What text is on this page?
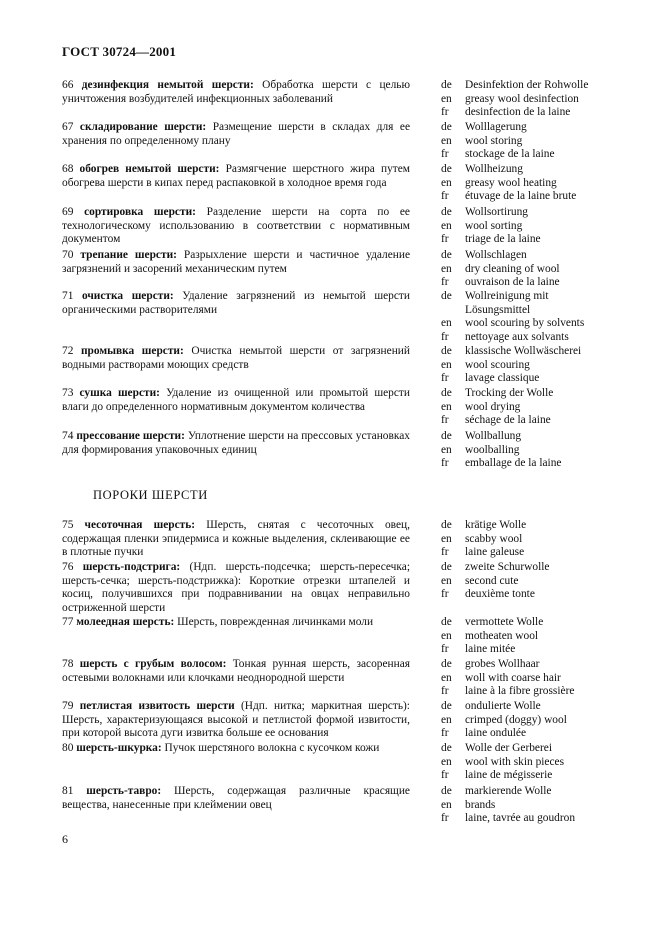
ГОСТ 30724—2001
ПОРОКИ ШЕРСТИ
6
66 дезинфекция немытой шерсти: Обработка шерсти с целью уничтожения возбудителей инфекционных заболеваний
de	Desinfektion der Rohwolle
en	greasy wool desinfection
fr	desinfection de la laine
67 складирование шерсти: Размещение шерсти в складах для ее хранения по определенному плану
de	Wolllagerung
en	wool storing
fr	stockage de la laine
68 обогрев немытой шерсти: Размягчение шерстного жира путем обогрева шерсти в кипах перед распаковкой в холодное время года
de	Wollheizung
en	greasy wool heating
fr	étuvage de la laine brute
69 сортировка шерсти: Разделение шерсти на сорта по ее технологическому использованию в соответствии с нормативным документом
de	Wollsortirung
en	wool sorting
fr	triage de la laine
70 трепание шерсти: Разрыхление шерсти и частичное удаление загрязнений и засорений механическим путем
de	Wollschlagen
en	dry cleaning of wool
fr	ouvraison de la laine
71 очистка шерсти: Удаление загрязнений из немытой шерсти органическими растворителями
de	Wollreinigung mit
Lösungsmittel
en	wool scouring by solvents
fr	nettoyage aux solvants
72 промывка шерсти: Очистка немытой шерсти от загрязнений водными растворами моющих средств
de	klassische Wollwäscherei
en	wool scouring
fr	lavage classique
73 сушка шерсти: Удаление из очищенной или промытой шерсти влаги до определенного нормативным документом количества
de	Trocking der Wolle
en	wool drying
fr	séchage de la laine
74 прессование шерсти: Уплотнение шерсти на прессовых установках для формирования упаковочных единиц
de	Wollballung
en	woolballing
fr	emballage de la laine
75 чесоточная шерсть: Шерсть, снятая с чесоточных овец, содержащая пленки эпидермиса и кожные выделения, склеивающие ее в плотные пучки
de	krätige Wolle
en	scabby wool
fr	laine galeuse
76 шерсть-подстрига: (Ндп. шерсть-подсечка; шерсть-пересечка; шерсть-сечка; шерсть-подстрижка): Короткие отрезки штапелей и косиц, получившихся при подравнивании на овцах неправильно остриженной шерсти
de	zweite Schurwolle
en	second cute
fr	deuxième tonte
77 молеедная шерсть: Шерсть, поврежденная личинками моли	de	vermottete Wolle
en	motheaten wool
fr	laine mitée
78 шерсть с грубым волосом: Тонкая рунная шерсть, засоренная остевыми волокнами или клочками неоднородной шерсти
de	grobes Wollhaar
en	woll with coarse hair
fr	laine à la fibre grossière
79 петлистая извитость шерсти (Ндп. нитка; маркитная шерсть): Шерсть, характеризующаяся высокой и петлистой формой извитости, при которой высота дуги извитка больше ее основания
de	ondulierte Wolle
en	crimped (doggy) wool
fr	laine ondulée
80 шерсть-шкурка: Пучок шерстяного волокна с кусочком кожи	de	Wolle der Gerberei
en	wool with skin pieces
fr	laine de mégisserie
81 шерсть-тавро: Шерсть, содержащая различные красящие вещества, нанесенные при клеймении овец
de	markierende Wolle
en	brands
fr	laine, tavrée au goudron
